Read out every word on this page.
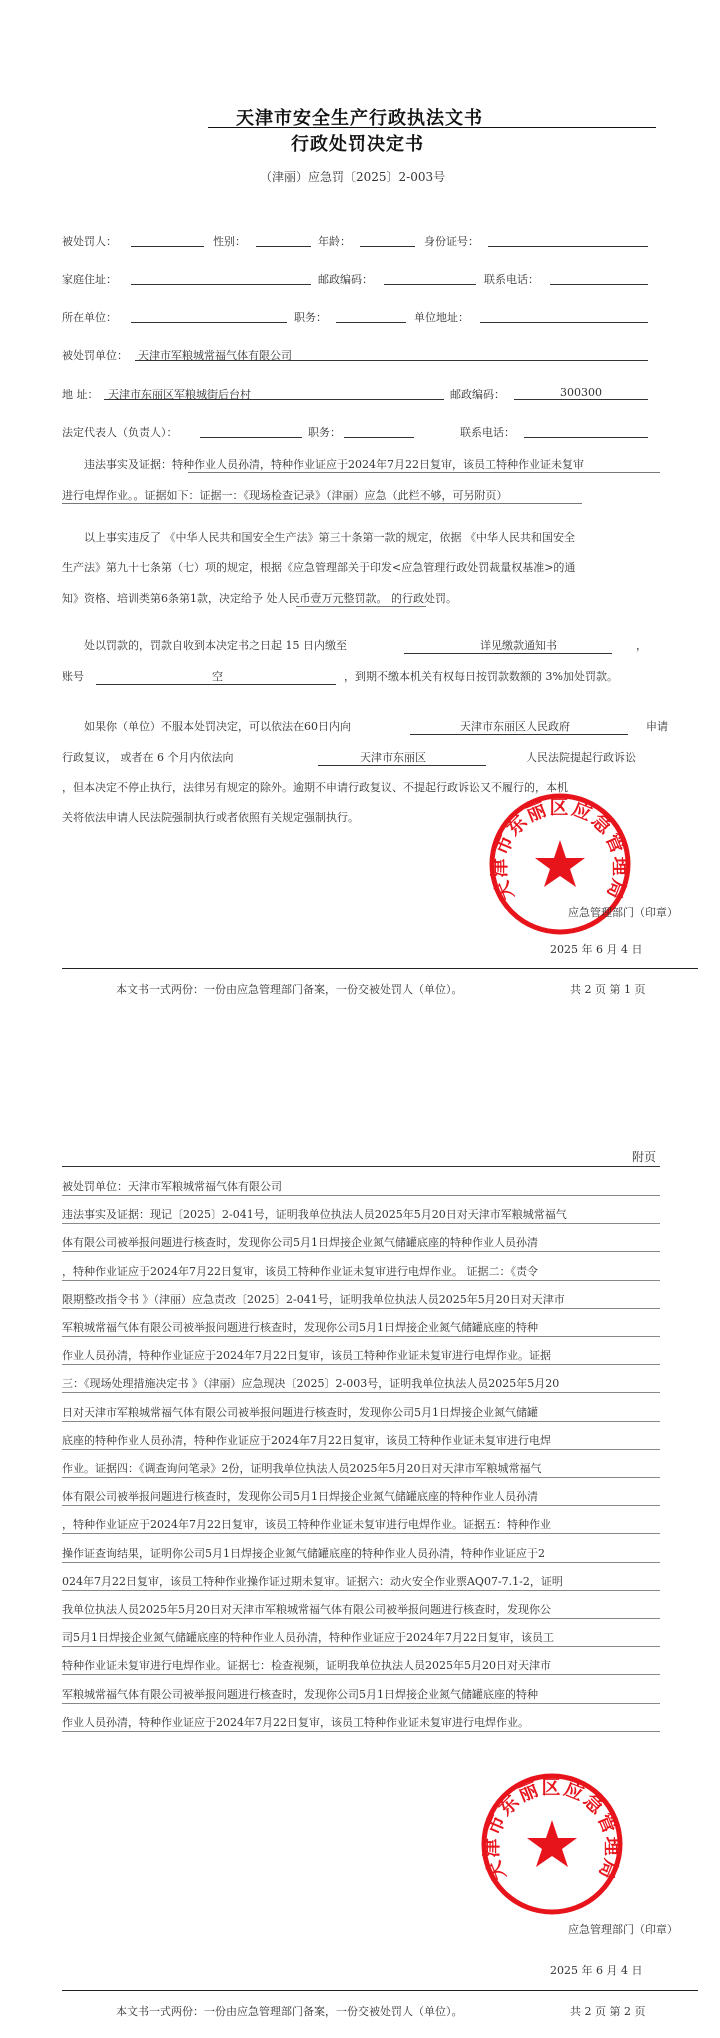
天津市安全生产行政执法文书
行政处罚决定书
（津丽）应急罚〔2025〕2-003号
被处罚人：	性别：	年龄：	身份证号：
家庭住址：	邮政编码：	联系电话：
所在单位：	职务：	单位地址：
被处罚单位： 天津市军粮城常福气体有限公司
地 址： 天津市东丽区军粮城街后台村	邮政编码：	300300
法定代表人（负责人）：	职务：	联系电话：
违法事实及证据：特种作业人员孙清，特种作业证应于2024年7月22日复审，该员工特种作业证未复审
进行电焊作业。。证据如下：证据一：《现场检查记录》（津丽）应急（此栏不够，可另附页）
以上事实违反了 《中华人民共和国安全生产法》第三十条第一款的规定，依据 《中华人民共和国安全
生产法》第九十七条第（七）项的规定，根据《应急管理部关于印发<应急管理行政处罚裁量权基准>的通
知》资格、培训类第6条第1款，决定给予 处人民币壹万元整罚款。 的行政处罚。
处以罚款的，罚款自收到本决定书之日起 15 日内缴至	详见缴款通知书	，
账号	空	，到期不缴本机关有权每日按罚款数额的 3%加处罚款。
如果你（单位）不服本处罚决定，可以依法在60日内向	天津市东丽区人民政府	申请
行政复议， 或者在 6 个月内依法向	天津市东丽区	人民法院提起行政诉讼
，但本决定不停止执行，法律另有规定的除外。逾期不申请行政复议、不提起行政诉讼又不履行的，本机
关将依法申请人民法院强制执行或者依照有关规定强制执行。
天津市东丽区应急管理局
应急管理部门（印章）
2025 年 6 月 4 日
本文书一式两份：一份由应急管理部门备案，一份交被处罚人（单位）。	共 2 页 第 1 页
附页
被处罚单位：天津市军粮城常福气体有限公司
违法事实及证据：现记〔2025〕2-041号，证明我单位执法人员2025年5月20日对天津市军粮城常福气
体有限公司被举报问题进行核查时，发现你公司5月1日焊接企业氮气储罐底座的特种作业人员孙清
，特种作业证应于2024年7月22日复审，该员工特种作业证未复审进行电焊作业。 证据二：《责令
限期整改指令书 》（津丽）应急责改〔2025〕2-041号，证明我单位执法人员2025年5月20日对天津市
军粮城常福气体有限公司被举报问题进行核查时，发现你公司5月1日焊接企业氮气储罐底座的特种
作业人员孙清，特种作业证应于2024年7月22日复审，该员工特种作业证未复审进行电焊作业。证据
三：《现场处理措施决定书 》（津丽）应急现决〔2025〕2-003号，证明我单位执法人员2025年5月20
日对天津市军粮城常福气体有限公司被举报问题进行核查时，发现你公司5月1日焊接企业氮气储罐
底座的特种作业人员孙清，特种作业证应于2024年7月22日复审，该员工特种作业证未复审进行电焊
作业。证据四：《调查询问笔录》2份，证明我单位执法人员2025年5月20日对天津市军粮城常福气
体有限公司被举报问题进行核查时，发现你公司5月1日焊接企业氮气储罐底座的特种作业人员孙清
，特种作业证应于2024年7月22日复审，该员工特种作业证未复审进行电焊作业。证据五：特种作业
操作证查询结果，证明你公司5月1日焊接企业氮气储罐底座的特种作业人员孙清，特种作业证应于2
024年7月22日复审，该员工特种作业操作证过期未复审。证据六：动火安全作业票AQ07-7.1-2，证明
我单位执法人员2025年5月20日对天津市军粮城常福气体有限公司被举报问题进行核查时，发现你公
司5月1日焊接企业氮气储罐底座的特种作业人员孙清，特种作业证应于2024年7月22日复审，该员工
特种作业证未复审进行电焊作业。证据七：检查视频，证明我单位执法人员2025年5月20日对天津市
军粮城常福气体有限公司被举报问题进行核查时，发现你公司5月1日焊接企业氮气储罐底座的特种
作业人员孙清，特种作业证应于2024年7月22日复审，该员工特种作业证未复审进行电焊作业。
天津市东丽区应急管理局
应急管理部门（印章）
2025 年 6 月 4 日
本文书一式两份：一份由应急管理部门备案，一份交被处罚人（单位）。	共 2 页 第 2 页
